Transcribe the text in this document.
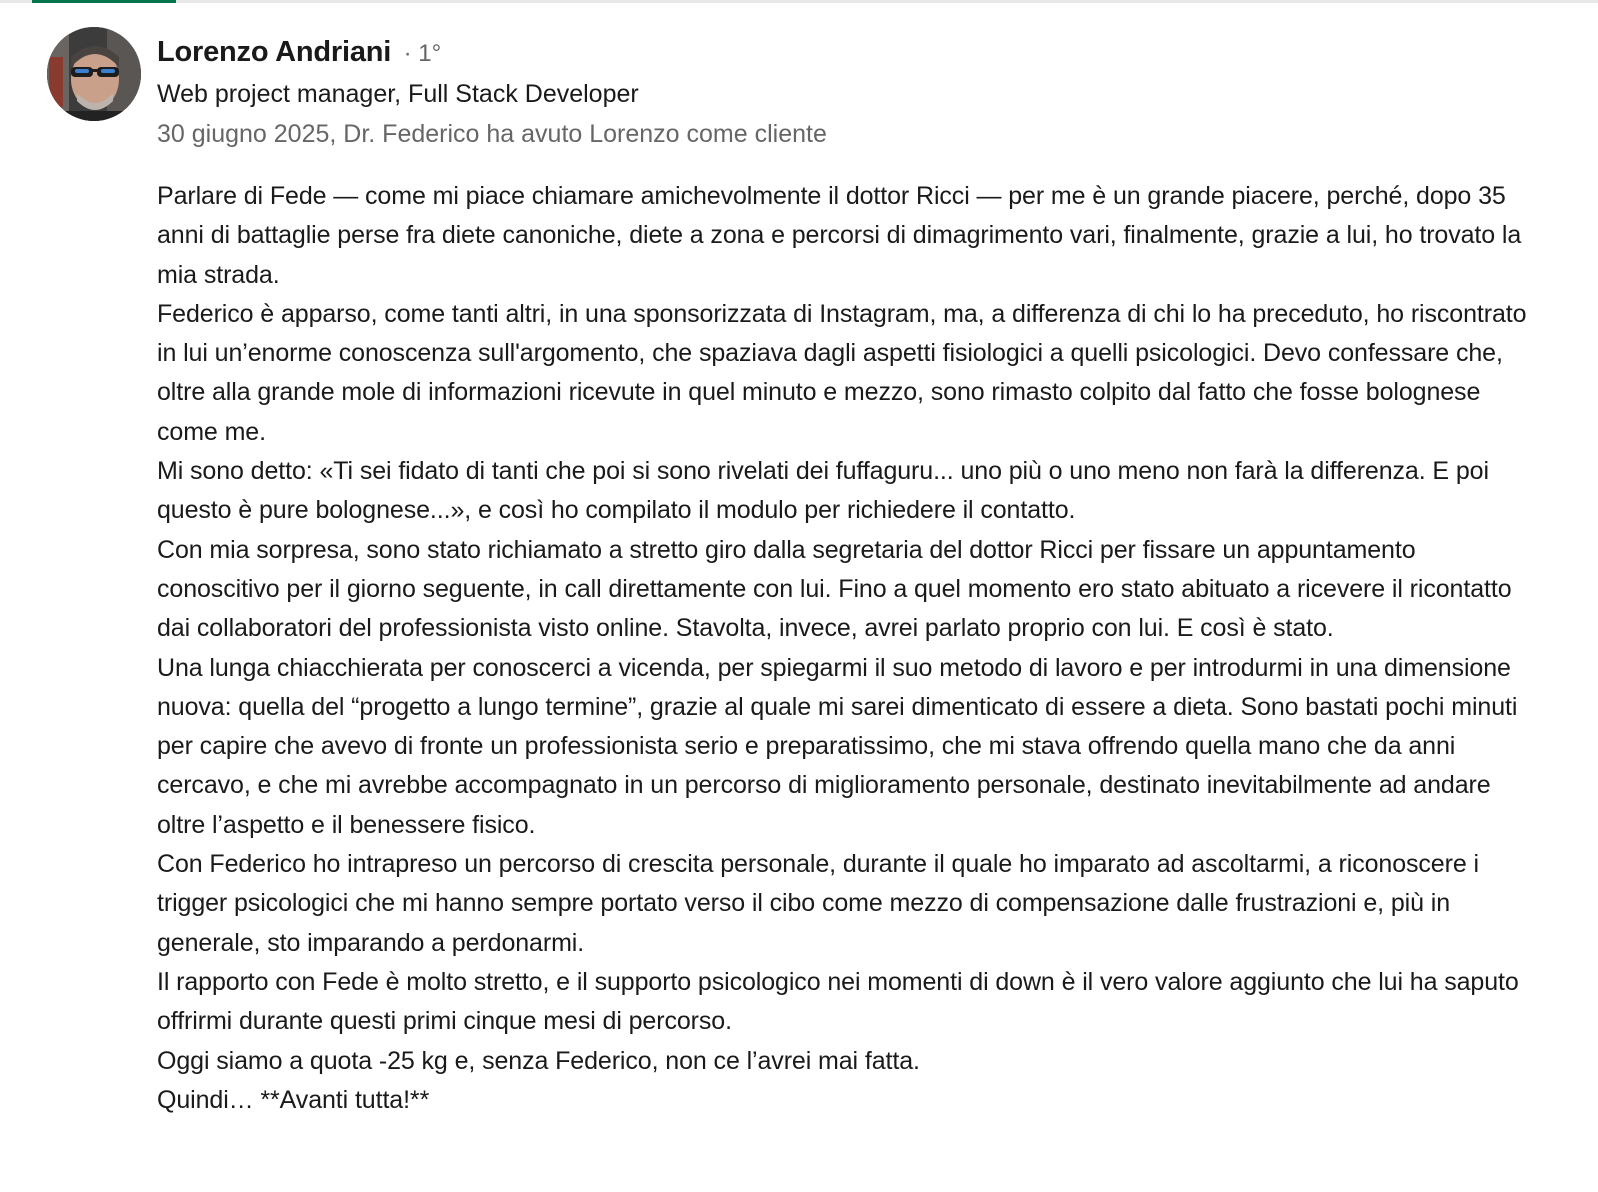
Lorenzo Andriani · 1°
Web project manager, Full Stack Developer
30 giugno 2025, Dr. Federico ha avuto Lorenzo come cliente

Parlare di Fede — come mi piace chiamare amichevolmente il dottor Ricci — per me è un grande piacere, perché, dopo 35 anni di battaglie perse fra diete canoniche, diete a zona e percorsi di dimagrimento vari, finalmente, grazie a lui, ho trovato la mia strada.

Federico è apparso, come tanti altri, in una sponsorizzata di Instagram, ma, a differenza di chi lo ha preceduto, ho riscontrato in lui un’enorme conoscenza sull'argomento, che spaziava dagli aspetti fisiologici a quelli psicologici. Devo confessare che, oltre alla grande mole di informazioni ricevute in quel minuto e mezzo, sono rimasto colpito dal fatto che fosse bolognese come me.

Mi sono detto: «Ti sei fidato di tanti che poi si sono rivelati dei fuffaguru... uno più o uno meno non farà la differenza. E poi questo è pure bolognese...», e così ho compilato il modulo per richiedere il contatto.

Con mia sorpresa, sono stato richiamato a stretto giro dalla segretaria del dottor Ricci per fissare un appuntamento conoscitivo per il giorno seguente, in call direttamente con lui. Fino a quel momento ero stato abituato a ricevere il ricontatto dai collaboratori del professionista visto online. Stavolta, invece, avrei parlato proprio con lui. E così è stato.

Una lunga chiacchierata per conoscerci a vicenda, per spiegarmi il suo metodo di lavoro e per introdurmi in una dimensione nuova: quella del “progetto a lungo termine”, grazie al quale mi sarei dimenticato di essere a dieta. Sono bastati pochi minuti per capire che avevo di fronte un professionista serio e preparatissimo, che mi stava offrendo quella mano che da anni cercavo, e che mi avrebbe accompagnato in un percorso di miglioramento personale, destinato inevitabilmente ad andare oltre l’aspetto e il benessere fisico.

Con Federico ho intrapreso un percorso di crescita personale, durante il quale ho imparato ad ascoltarmi, a riconoscere i trigger psicologici che mi hanno sempre portato verso il cibo come mezzo di compensazione dalle frustrazioni e, più in generale, sto imparando a perdonarmi.

Il rapporto con Fede è molto stretto, e il supporto psicologico nei momenti di down è il vero valore aggiunto che lui ha saputo offrirmi durante questi primi cinque mesi di percorso.

Oggi siamo a quota -25 kg e, senza Federico, non ce l’avrei mai fatta.

Quindi… **Avanti tutta!**
